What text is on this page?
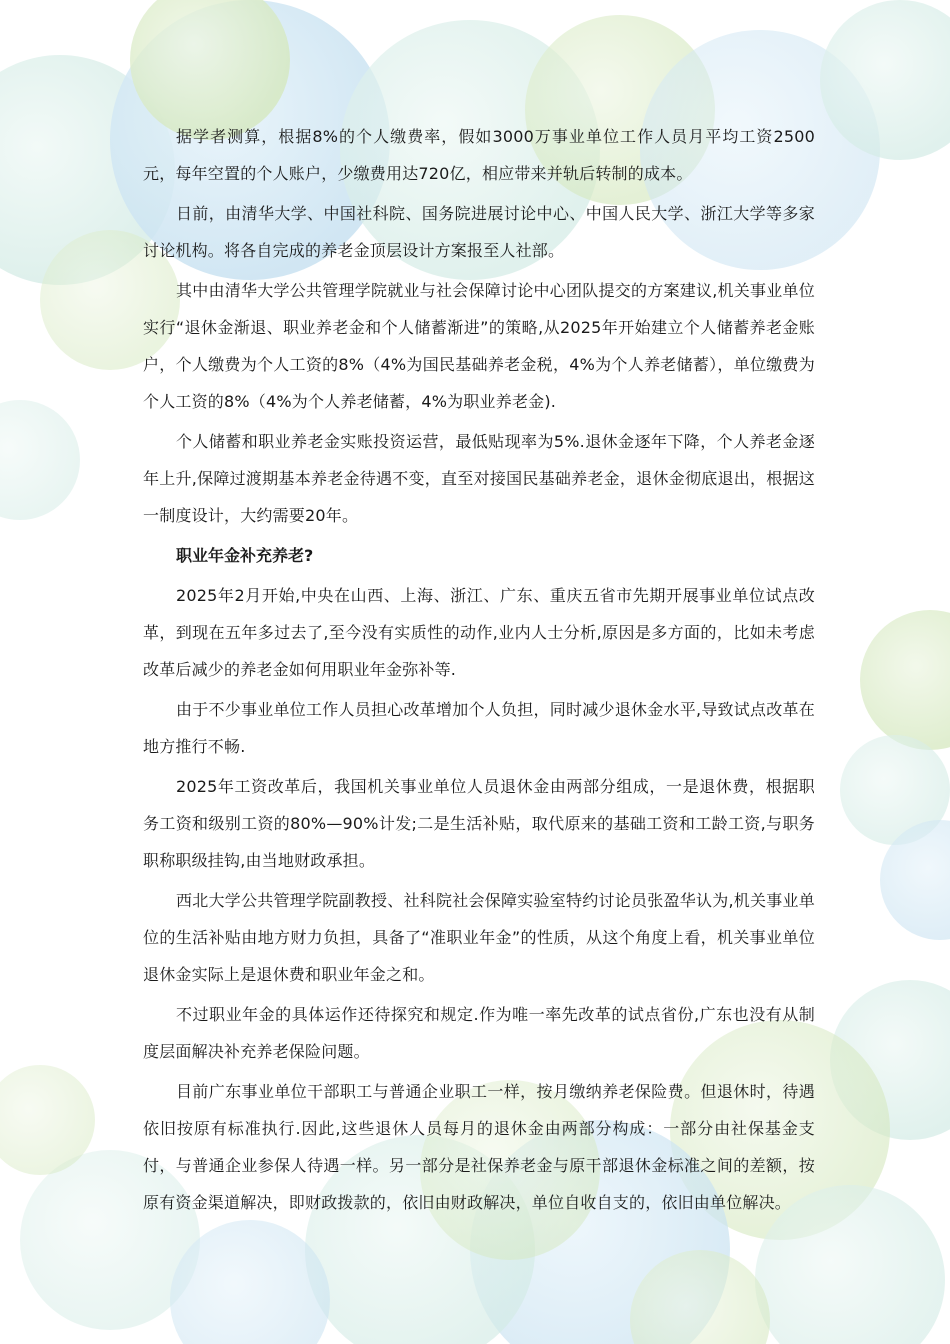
据学者测算，根据8%的个人缴费率，假如3000万事业单位工作人员月平均工资2500元，每年空置的个人账户，少缴费用达720亿，相应带来并轨后转制的成本。

日前，由清华大学、中国社科院、国务院进展讨论中心、中国人民大学、浙江大学等多家讨论机构。将各自完成的养老金顶层设计方案报至人社部。

其中由清华大学公共管理学院就业与社会保障讨论中心团队提交的方案建议,机关事业单位实行“退休金渐退、职业养老金和个人储蓄渐进”的策略,从2025年开始建立个人储蓄养老金账户，个人缴费为个人工资的8%（4%为国民基础养老金税，4%为个人养老储蓄），单位缴费为个人工资的8%（4%为个人养老储蓄，4%为职业养老金).

个人储蓄和职业养老金实账投资运营，最低贴现率为5%.退休金逐年下降，个人养老金逐年上升,保障过渡期基本养老金待遇不变，直至对接国民基础养老金，退休金彻底退出，根据这一制度设计，大约需要20年。

职业年金补充养老?

2025年2月开始,中央在山西、上海、浙江、广东、重庆五省市先期开展事业单位试点改革，到现在五年多过去了,至今没有实质性的动作,业内人士分析,原因是多方面的，比如未考虑改革后减少的养老金如何用职业年金弥补等.

由于不少事业单位工作人员担心改革增加个人负担，同时减少退休金水平,导致试点改革在地方推行不畅.

2025年工资改革后，我国机关事业单位人员退休金由两部分组成，一是退休费，根据职务工资和级别工资的80%—90%计发;二是生活补贴，取代原来的基础工资和工龄工资,与职务职称职级挂钩,由当地财政承担。

西北大学公共管理学院副教授、社科院社会保障实验室特约讨论员张盈华认为,机关事业单位的生活补贴由地方财力负担，具备了“准职业年金”的性质，从这个角度上看，机关事业单位退休金实际上是退休费和职业年金之和。

不过职业年金的具体运作还待探究和规定.作为唯一率先改革的试点省份,广东也没有从制度层面解决补充养老保险问题。

目前广东事业单位干部职工与普通企业职工一样，按月缴纳养老保险费。但退休时，待遇依旧按原有标准执行.因此,这些退休人员每月的退休金由两部分构成：一部分由社保基金支付，与普通企业参保人待遇一样。另一部分是社保养老金与原干部退休金标准之间的差额，按原有资金渠道解决，即财政拨款的，依旧由财政解决，单位自收自支的，依旧由单位解决。
